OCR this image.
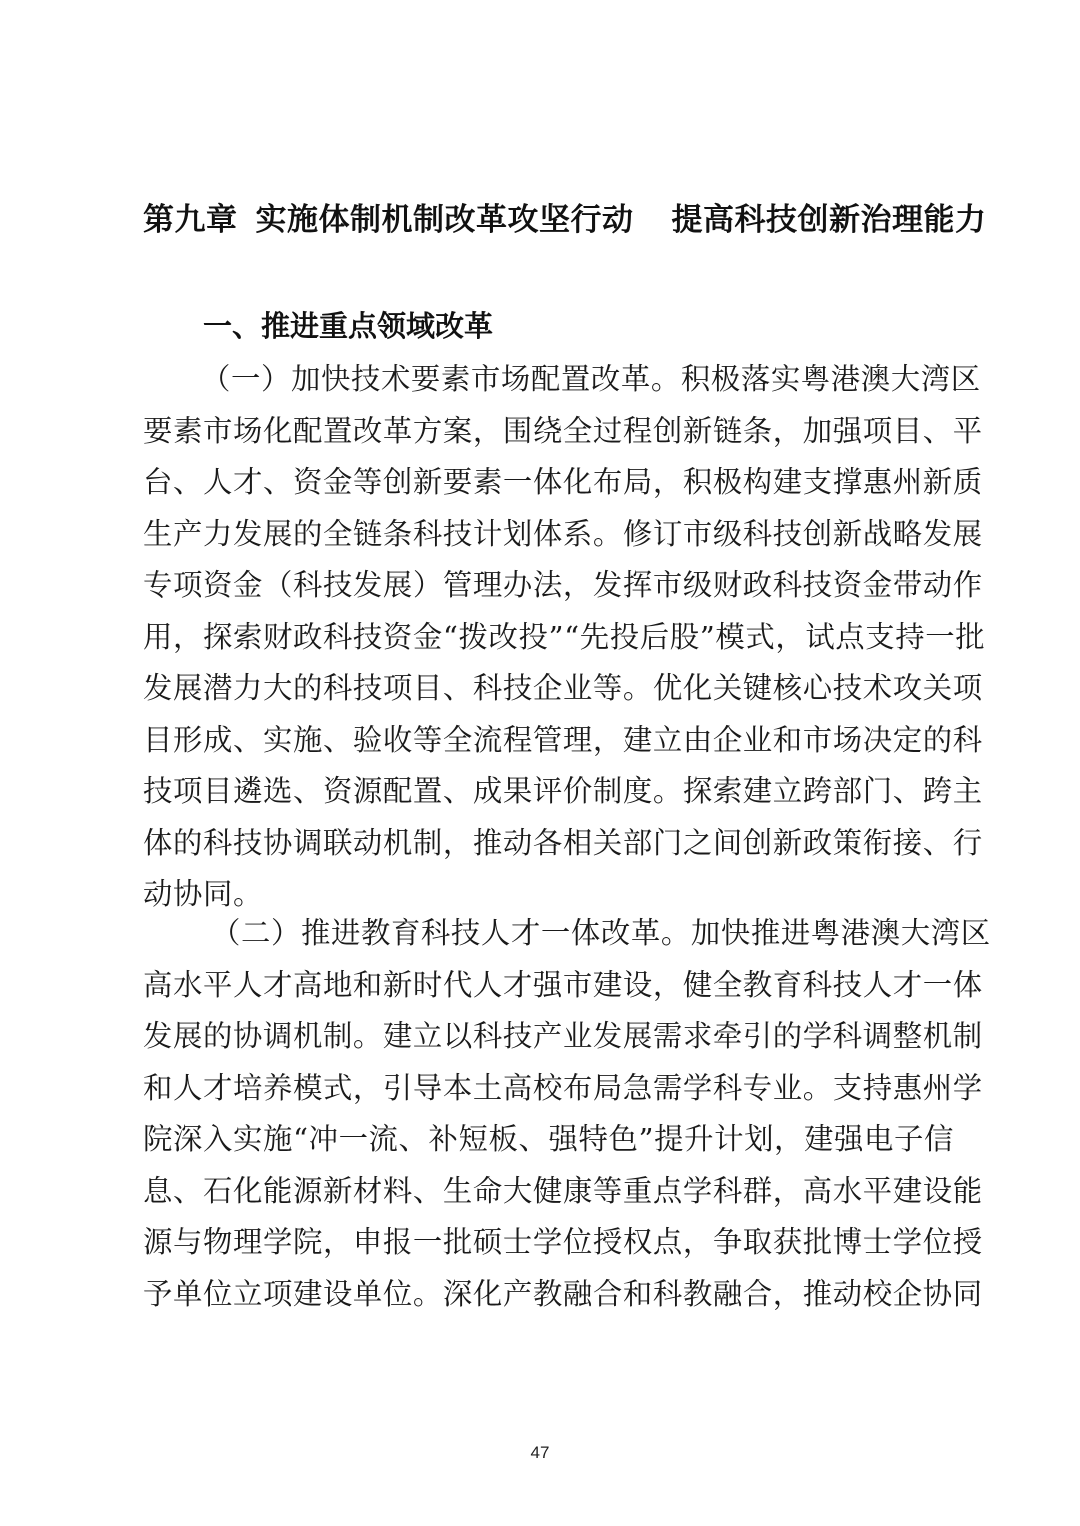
第九章 实施体制机制改革攻坚行动 提高科技创新治理能力
一、推进重点领域改革
（一）加快技术要素市场配置改革。积极落实粤港澳大湾区
要素市场化配置改革方案，围绕全过程创新链条，加强项目、平
台、人才、资金等创新要素一体化布局，积极构建支撑惠州新质
生产力发展的全链条科技计划体系。修订市级科技创新战略发展
专项资金（科技发展）管理办法，发挥市级财政科技资金带动作
用，探索财政科技资金“拨改投”“先投后股”模式，试点支持一批
发展潜力大的科技项目、科技企业等。优化关键核心技术攻关项
目形成、实施、验收等全流程管理，建立由企业和市场决定的科
技项目遴选、资源配置、成果评价制度。探索建立跨部门、跨主
体的科技协调联动机制，推动各相关部门之间创新政策衔接、行
动协同。
（二）推进教育科技人才一体改革。加快推进粤港澳大湾区
高水平人才高地和新时代人才强市建设，健全教育科技人才一体
发展的协调机制。建立以科技产业发展需求牵引的学科调整机制
和人才培养模式，引导本土高校布局急需学科专业。支持惠州学
院深入实施“冲一流、补短板、强特色”提升计划，建强电子信
息、石化能源新材料、生命大健康等重点学科群，高水平建设能
源与物理学院，申报一批硕士学位授权点，争取获批博士学位授
予单位立项建设单位。深化产教融合和科教融合，推动校企协同
47
